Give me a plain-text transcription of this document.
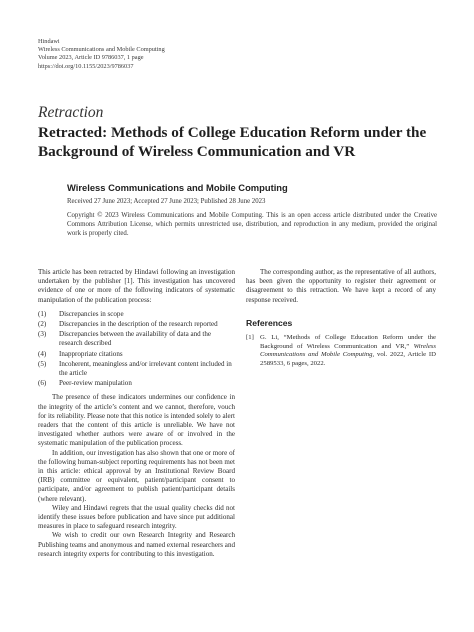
Hindawi
Wireless Communications and Mobile Computing
Volume 2023, Article ID 9786037, 1 page
https://doi.org/10.1155/2023/9786037
Retraction
Retracted: Methods of College Education Reform under the Background of Wireless Communication and VR
Wireless Communications and Mobile Computing
Received 27 June 2023; Accepted 27 June 2023; Published 28 June 2023
Copyright © 2023 Wireless Communications and Mobile Computing. This is an open access article distributed under the Creative Commons Attribution License, which permits unrestricted use, distribution, and reproduction in any medium, provided the original work is properly cited.

This article has been retracted by Hindawi following an investigation undertaken by the publisher [1]. This investigation has uncovered evidence of one or more of the following indicators of systematic manipulation of the publication process:

(1) Discrepancies in scope
(2) Discrepancies in the description of the research reported
(3) Discrepancies between the availability of data and the research described
(4) Inappropriate citations
(5) Incoherent, meaningless and/or irrelevant content included in the article
(6) Peer-review manipulation

The presence of these indicators undermines our confidence in the integrity of the article’s content and we cannot, therefore, vouch for its reliability. Please note that this notice is intended solely to alert readers that the content of this article is unreliable. We have not investigated whether authors were aware of or involved in the systematic manipulation of the publication process.

In addition, our investigation has also shown that one or more of the following human-subject reporting requirements has not been met in this article: ethical approval by an Institutional Review Board (IRB) committee or equivalent, patient/participant consent to participate, and/or agreement to publish patient/participant details (where relevant).

Wiley and Hindawi regrets that the usual quality checks did not identify these issues before publication and have since put additional measures in place to safeguard research integrity.

We wish to credit our own Research Integrity and Research Publishing teams and anonymous and named external researchers and research integrity experts for contributing to this investigation.

The corresponding author, as the representative of all authors, has been given the opportunity to register their agreement or disagreement to this retraction. We have kept a record of any response received.

References
[1] G. Li, “Methods of College Education Reform under the Background of Wireless Communication and VR,” Wireless Communications and Mobile Computing, vol. 2022, Article ID 2589533, 6 pages, 2022.
